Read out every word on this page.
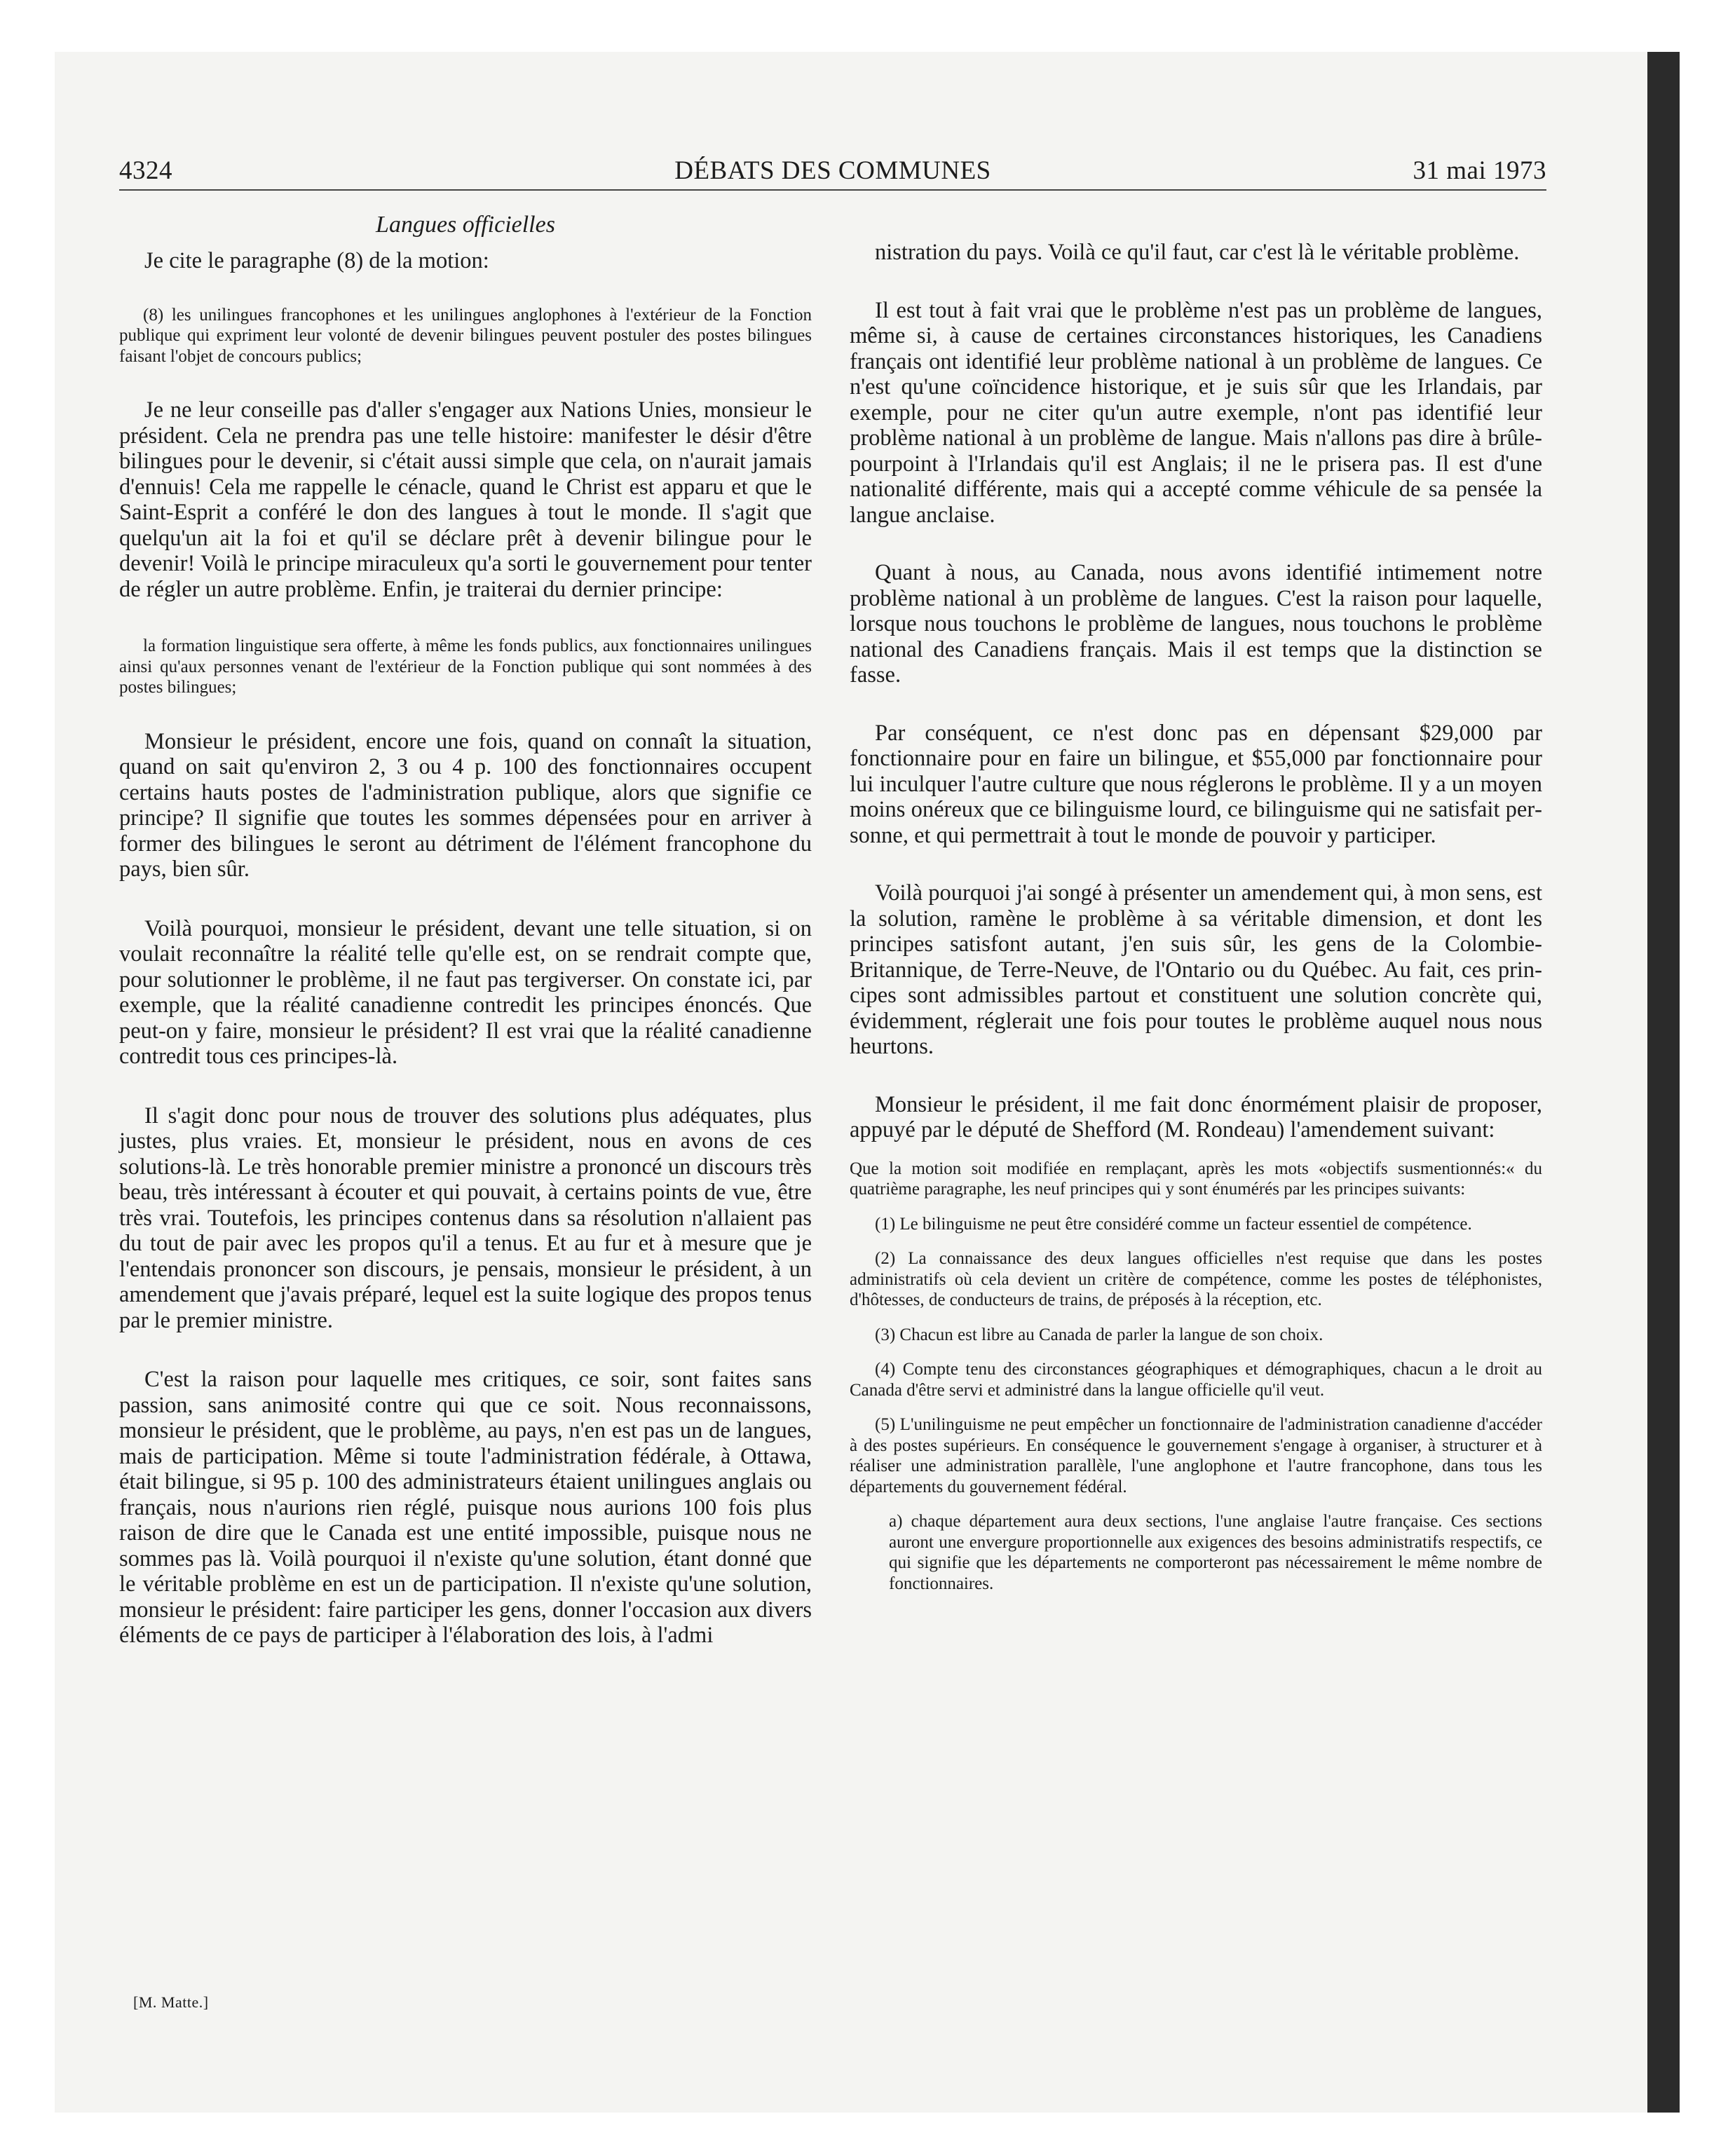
4324	DÉBATS DES COMMUNES	31 mai 1973
Langues officielles

Je cite le paragraphe (8) de la motion:

(8) les unilingues francophones et les unilingues anglophones à l'extérieur de la Fonction publique qui expriment leur volonté de devenir bilingues peuvent postuler des postes bilingues faisant l'objet de concours publics;

Je ne leur conseille pas d'aller s'engager aux Nations Unies, monsieur le président. Cela ne prendra pas une telle histoire: manifester le désir d'être bilingues pour le devenir, si c'était aussi simple que cela, on n'aurait jamais d'ennuis! Cela me rappelle le cénacle, quand le Christ est apparu et que le Saint-Esprit a conféré le don des langues à tout le monde. Il s'agit que quelqu'un ait la foi et qu'il se déclare prêt à devenir bilingue pour le devenir! Voilà le principe miraculeux qu'a sorti le gouvernement pour tenter de régler un autre problème. Enfin, je traiterai du dernier principe:

la formation linguistique sera offerte, à même les fonds publics, aux fonctionnaires unilingues ainsi qu'aux personnes venant de l'extérieur de la Fonction publique qui sont nommées à des postes bilingues;

Monsieur le président, encore une fois, quand on connaît la situation, quand on sait qu'environ 2, 3 ou 4 p. 100 des fonctionnaires occupent certains hauts postes de l'administration publique, alors que signifie ce principe? Il signifie que toutes les sommes dépensées pour en arriver à former des bilingues le seront au détriment de l'élément francophone du pays, bien sûr.

Voilà pourquoi, monsieur le président, devant une telle situation, si on voulait reconnaître la réalité telle qu'elle est, on se rendrait compte que, pour solutionner le problème, il ne faut pas tergiverser. On constate ici, par exemple, que la réalité canadienne contredit les principes énoncés. Que peut-on y faire, monsieur le président? Il est vrai que la réalité canadienne contredit tous ces principes-là.

Il s'agit donc pour nous de trouver des solutions plus adéquates, plus justes, plus vraies. Et, monsieur le président, nous en avons de ces solutions-là. Le très honorable premier ministre a prononcé un discours très beau, très intéressant à écouter et qui pouvait, à certains points de vue, être très vrai. Toutefois, les principes contenus dans sa résolution n'allaient pas du tout de pair avec les propos qu'il a tenus. Et au fur et à mesure que je l'entendais prononcer son discours, je pensais, monsieur le président, à un amendement que j'avais préparé, lequel est la suite logique des propos tenus par le premier ministre.

C'est la raison pour laquelle mes critiques, ce soir, sont faites sans passion, sans animosité contre qui que ce soit. Nous reconnaissons, monsieur le président, que le problème, au pays, n'en est pas un de langues, mais de participation. Même si toute l'administration fédérale, à Ottawa, était bilingue, si 95 p. 100 des administrateurs étaient unilingues anglais ou français, nous n'aurions rien réglé, puisque nous aurions 100 fois plus raison de dire que le Canada est une entité impossible, puisque nous ne sommes pas là. Voilà pourquoi il n'existe qu'une solution, étant donné que le véritable problème en est un de participation. Il n'existe qu'une solution, monsieur le président: faire participer les gens, donner l'occasion aux divers éléments de ce pays de participer à l'élaboration des lois, à l'admi

[M. Matte.]

nistration du pays. Voilà ce qu'il faut, car c'est là le véritable problème.

Il est tout à fait vrai que le problème n'est pas un problème de langues, même si, à cause de certaines circonstances historiques, les Canadiens français ont identifié leur problème national à un problème de langues. Ce n'est qu'une coïncidence historique, et je suis sûr que les Irlandais, par exemple, pour ne citer qu'un autre exemple, n'ont pas identifié leur problème national à un problème de langue. Mais n'allons pas dire à brûle-pourpoint à l'Irlandais qu'il est Anglais; il ne le prisera pas. Il est d'une nationalité différente, mais qui a accepté comme véhicule de sa pensée la langue anclaise.

Quant à nous, au Canada, nous avons identifié intimement notre problème national à un problème de langues. C'est la raison pour laquelle, lorsque nous touchons le problème de langues, nous touchons le problème national des Canadiens français. Mais il est temps que la distinction se fasse.

Par conséquent, ce n'est donc pas en dépensant $29,000 par fonctionnaire pour en faire un bilingue, et $55,000 par fonctionnaire pour lui inculquer l'autre culture que nous réglerons le problème. Il y a un moyen moins onéreux que ce bilinguisme lourd, ce bilinguisme qui ne satisfait personne, et qui permettrait à tout le monde de pouvoir y participer.

Voilà pourquoi j'ai songé à présenter un amendement qui, à mon sens, est la solution, ramène le problème à sa véritable dimension, et dont les principes satisfont autant, j'en suis sûr, les gens de la Colombie-Britannique, de Terre-Neuve, de l'Ontario ou du Québec. Au fait, ces principes sont admissibles partout et constituent une solution concrète qui, évidemment, réglerait une fois pour toutes le problème auquel nous nous heurtons.

Monsieur le président, il me fait donc énormément plaisir de proposer, appuyé par le député de Shefford (M. Rondeau) l'amendement suivant:

Que la motion soit modifiée en remplaçant, après les mots «objectifs susmentionnés:« du quatrième paragraphe, les neuf principes qui y sont énumérés par les principes suivants:

(1) Le bilinguisme ne peut être considéré comme un facteur essentiel de compétence.

(2) La connaissance des deux langues officielles n'est requise que dans les postes administratifs où cela devient un critère de compétence, comme les postes de téléphonistes, d'hôtesses, de conducteurs de trains, de préposés à la réception, etc.

(3) Chacun est libre au Canada de parler la langue de son choix.

(4) Compte tenu des circonstances géographiques et démographiques, chacun a le droit au Canada d'être servi et administré dans la langue officielle qu'il veut.

(5) L'unilinguisme ne peut empêcher un fonctionnaire de l'administration canadienne d'accéder à des postes supérieurs. En conséquence le gouvernement s'engage à organiser, à structurer et à réaliser une administration parallèle, l'une anglophone et l'autre francophone, dans tous les départements du gouvernement fédéral.

a) chaque département aura deux sections, l'une anglaise l'autre française. Ces sections auront une envergure proportionnelle aux exigences des besoins administratifs respectifs, ce qui signifie que les départements ne comporteront pas nécessairement le même nombre de fonctionnaires.
